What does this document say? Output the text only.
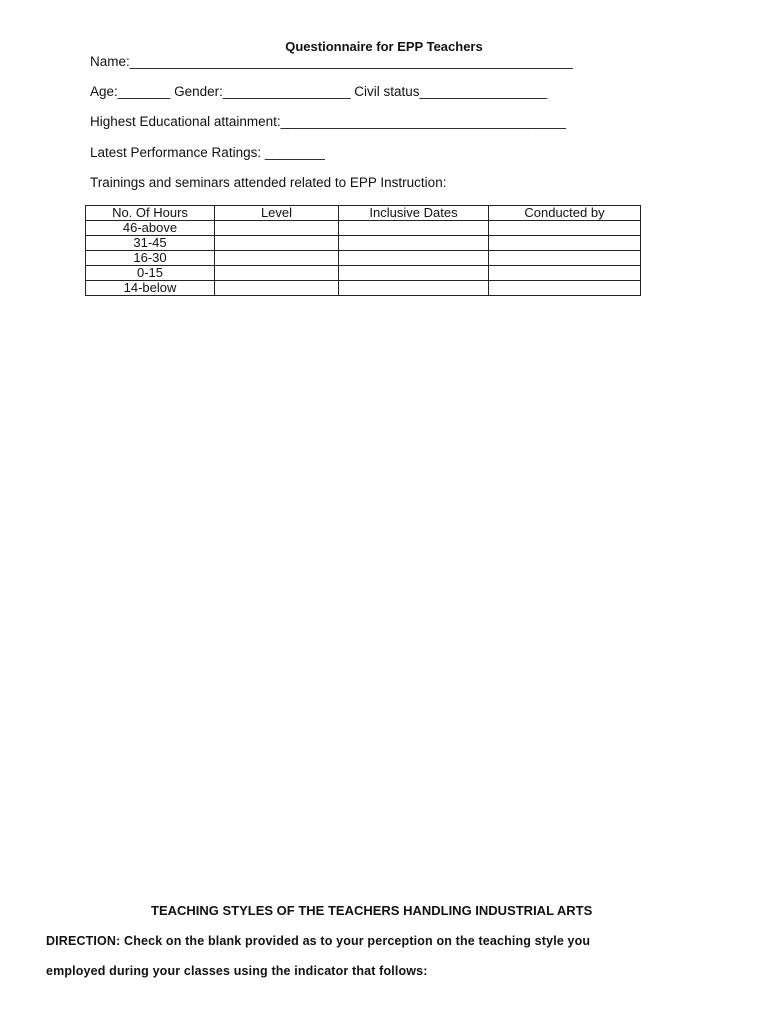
Questionnaire for EPP Teachers
Name:___________________________________________________________
Age:_______ Gender:_________________ Civil status_________________
Highest Educational attainment:______________________________________
Latest Performance Ratings: ________
Trainings and seminars attended related to EPP Instruction:
No. Of Hours	Level	Inclusive Dates	Conducted by
46-above			
31-45			
16-30			
0-15			
14-below			
TEACHING STYLES OF THE TEACHERS HANDLING INDUSTRIAL ARTS
DIRECTION: Check on the blank provided as to your perception on the teaching style you
employed during your classes using the indicator that follows:
